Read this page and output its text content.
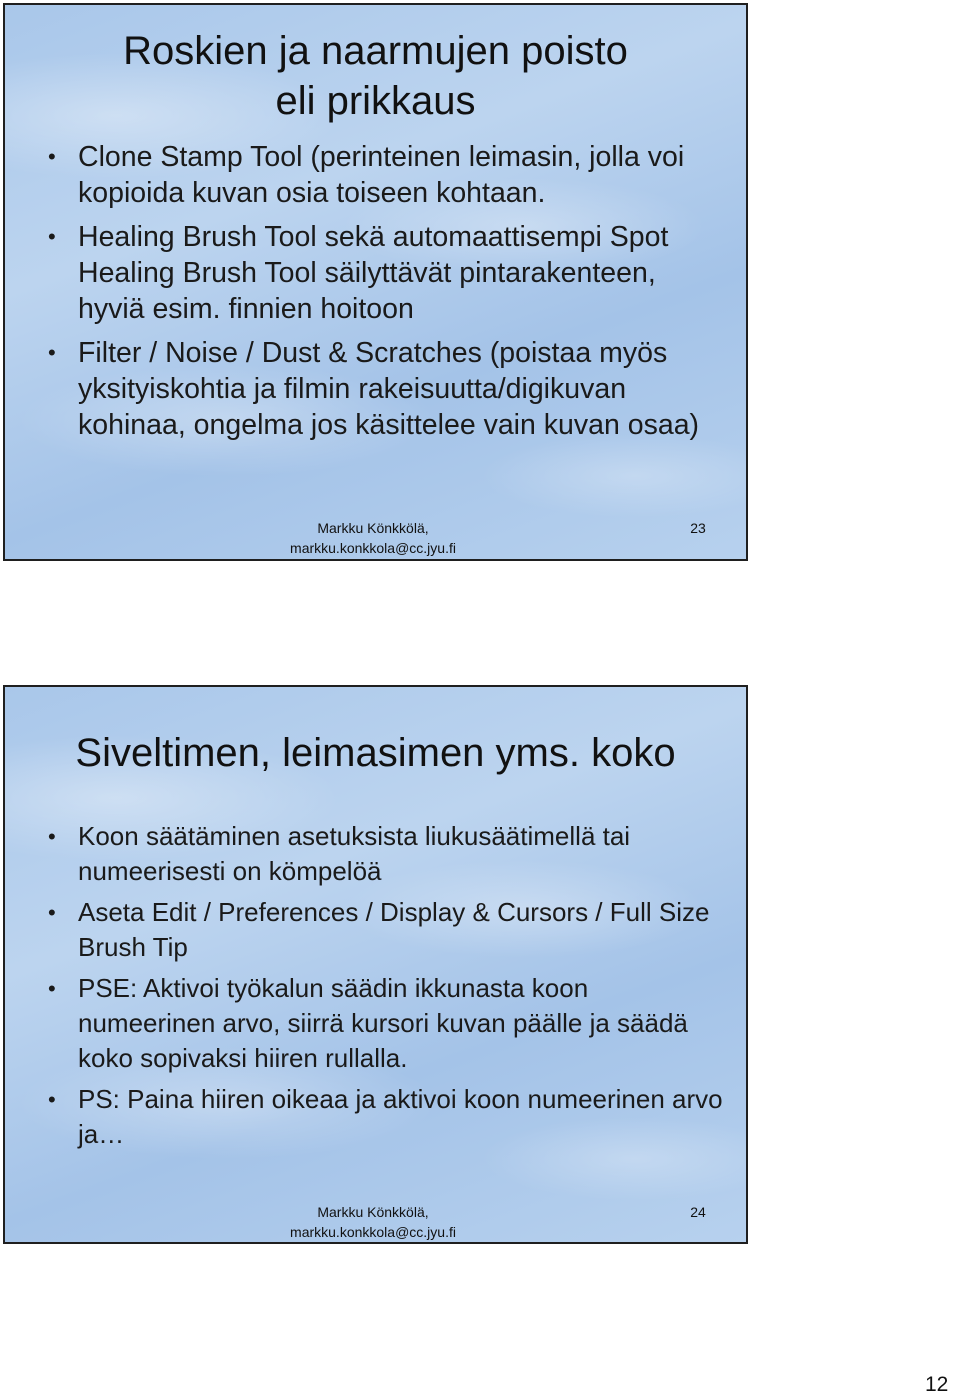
Roskien ja naarmujen poisto
eli prikkaus
• Clone Stamp Tool (perinteinen leimasin, jolla voi kopioida kuvan osia toiseen kohtaan.
• Healing Brush Tool sekä automaattisempi Spot Healing Brush Tool säilyttävät pintarakenteen, hyviä esim. finnien hoitoon
• Filter / Noise / Dust & Scratches (poistaa myös yksityiskohtia ja filmin rakeisuutta/digikuvan kohinaa, ongelma jos käsittelee vain kuvan osaa)
Markku Könkkölä,
markku.konkkola@cc.jyu.fi
23
Siveltimen, leimasimen yms. koko
• Koon säätäminen asetuksista liukusäätimellä tai numeerisesti on kömpelöä
• Aseta Edit / Preferences / Display & Cursors / Full Size Brush Tip
• PSE: Aktivoi työkalun säädin ikkunasta koon numeerinen arvo, siirrä kursori kuvan päälle ja säädä koko sopivaksi hiiren rullalla.
• PS: Paina hiiren oikeaa ja aktivoi koon numeerinen arvo ja…
Markku Könkkölä,
markku.konkkola@cc.jyu.fi
24
12
